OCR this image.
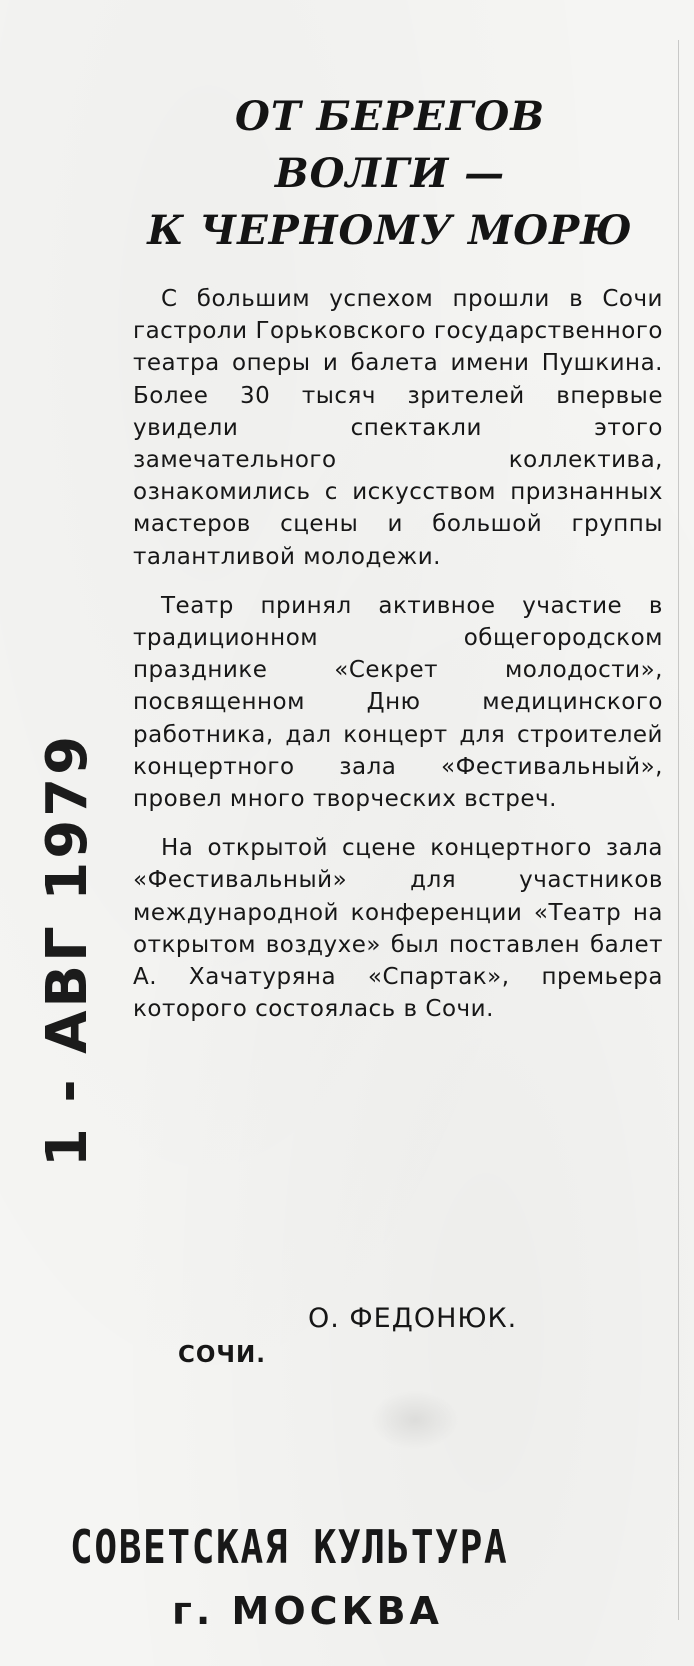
ОТ БЕРЕГОВ
ВОЛГИ —
К ЧЕРНОМУ МОРЮ

С большим успехом прошли в Сочи гастроли Горьковского государственного театра оперы и балета имени Пушкина. Более 30 тысяч зрителей впервые увидели спектакли этого замечательного коллектива, ознакомились с искусством признанных мастеров сцены и большой группы талантливой молодежи.

Театр принял активное участие в традиционном общегородском празднике «Секрет молодости», посвященном Дню медицинского работника, дал концерт для строителей концертного зала «Фестивальный», провел много творческих встреч.

На открытой сцене концертного зала «Фестивальный» для участников международной конференции «Театр на открытом воздухе» был поставлен балет А. Хачатуряна «Спартак», премьера которого состоялась в Сочи.

О. ФЕДОНЮК.

СОЧИ.

1 - АВГ 1979

СОВЕТСКАЯ КУЛЬТУРА

г. МОСКВА
